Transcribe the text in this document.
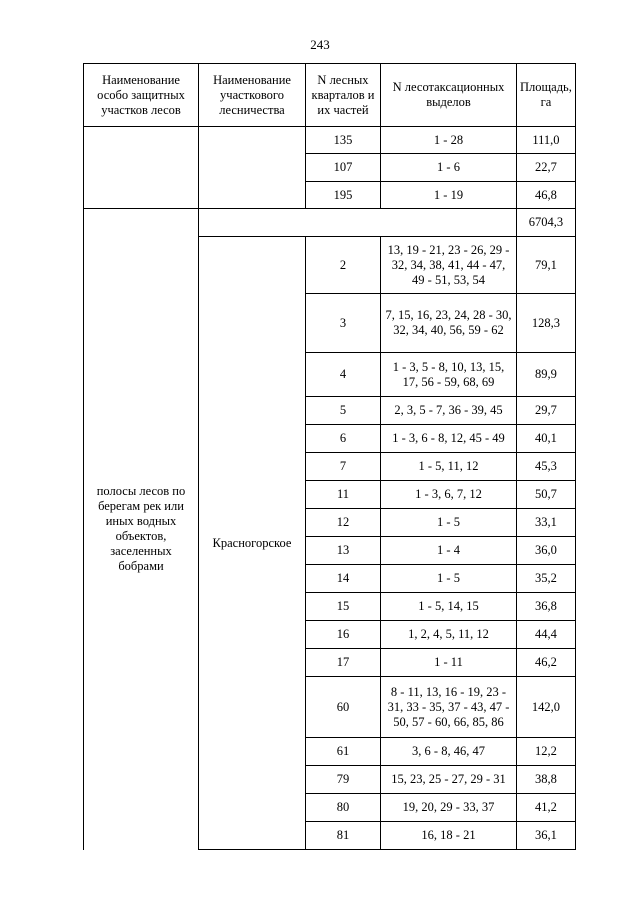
243
Наименование особо защитных участков лесов	Наименование участкового лесничества	N лесных кварталов и их частей	N лесотаксационных выделов	Площадь, га
		135	1 - 28	111,0
		107	1 - 6	22,7
		195	1 - 19	46,8
полосы лесов по берегам рек или иных водных объектов, заселенных бобрами				6704,3
	Красногорское	2	13, 19 - 21, 23 - 26, 29 - 32, 34, 38, 41, 44 - 47, 49 - 51, 53, 54	79,1
		3	7, 15, 16, 23, 24, 28 - 30, 32, 34, 40, 56, 59 - 62	128,3
		4	1 - 3, 5 - 8, 10, 13, 15, 17, 56 - 59, 68, 69	89,9
		5	2, 3, 5 - 7, 36 - 39, 45	29,7
		6	1 - 3, 6 - 8, 12, 45 - 49	40,1
		7	1 - 5, 11, 12	45,3
		11	1 - 3, 6, 7, 12	50,7
		12	1 - 5	33,1
		13	1 - 4	36,0
		14	1 - 5	35,2
		15	1 - 5, 14, 15	36,8
		16	1, 2, 4, 5, 11, 12	44,4
		17	1 - 11	46,2
		60	8 - 11, 13, 16 - 19, 23 - 31, 33 - 35, 37 - 43, 47 - 50, 57 - 60, 66, 85, 86	142,0
		61	3, 6 - 8, 46, 47	12,2
		79	15, 23, 25 - 27, 29 - 31	38,8
		80	19, 20, 29 - 33, 37	41,2
		81	16, 18 - 21	36,1
